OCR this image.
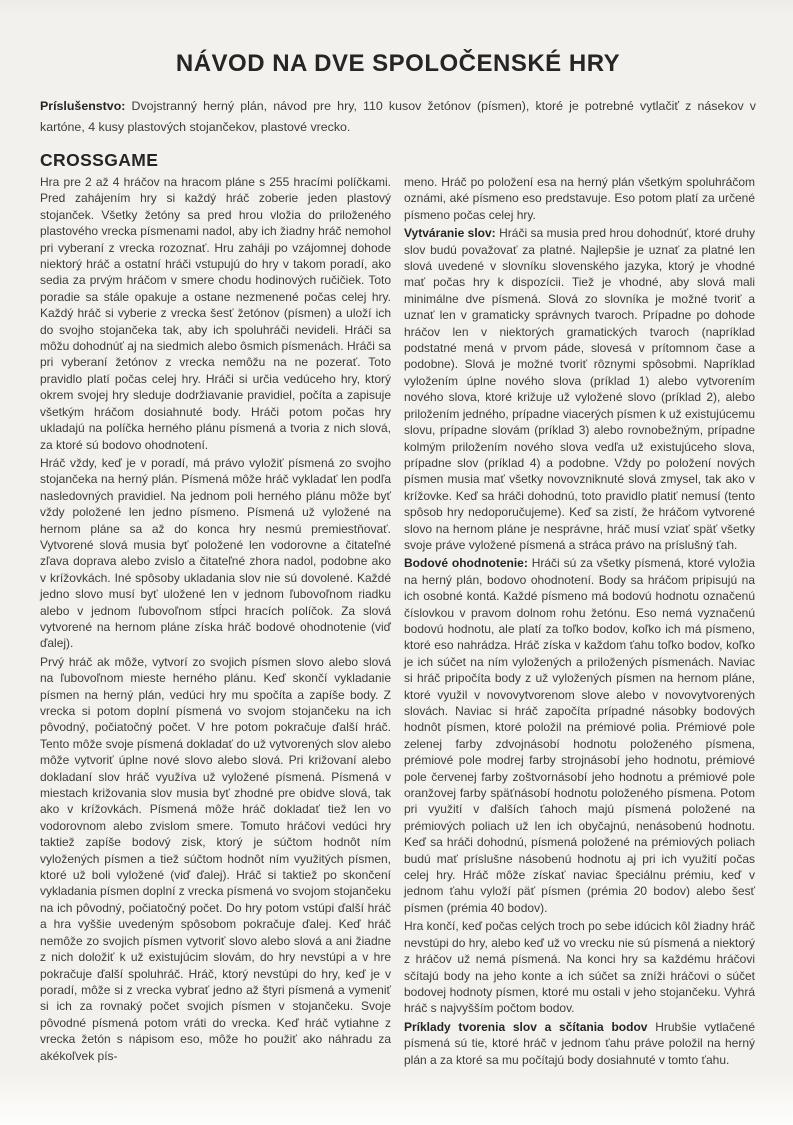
NÁVOD NA DVE SPOLOČENSKÉ HRY

Príslušenstvo: Dvojstranný herný plán, návod pre hry, 110 kusov žetónov (písmen), ktoré je potrebné vytlačiť z násekov v kartóne, 4 kusy plastových stojančekov, plastové vrecko.

CROSSGAME

Hra pre 2 až 4 hráčov na hracom pláne s 255 hracími políčkami. Pred zahájením hry si každý hráč zoberie jeden plastový stojanček. Všetky žetóny sa pred hrou vložia do priloženého plastového vrecka písmenami nadol, aby ich žiadny hráč nemohol pri vyberaní z vrecka rozoznať. Hru zaháji po vzájomnej dohode niektorý hráč a ostatní hráči vstupujú do hry v takom poradí, ako sedia za prvým hráčom v smere chodu hodinových ručičiek. Toto poradie sa stále opakuje a ostane nezmenené počas celej hry. Každý hráč si vyberie z vrecka šesť žetónov (písmen) a uloží ich do svojho stojančeka tak, aby ich spoluhráči nevideli. Hráči sa môžu dohodnúť aj na siedmich alebo ôsmich písmenách. Hráči sa pri vyberaní žetónov z vrecka nemôžu na ne pozerať. Toto pravidlo platí počas celej hry. Hráči si určia vedúceho hry, ktorý okrem svojej hry sleduje dodržiavanie pravidiel, počíta a zapisuje všetkým hráčom dosiahnuté body. Hráči potom počas hry ukladajú na políčka herného plánu písmená a tvoria z nich slová, za ktoré sú bodovo ohodnotení.

Hráč vždy, keď je v poradí, má právo vyložiť písmená zo svojho stojančeka na herný plán. Písmená môže hráč vykladať len podľa nasledovných pravidiel. Na jednom poli herného plánu môže byť vždy položené len jedno písmeno. Písmená už vyložené na hernom pláne sa až do konca hry nesmú premiestňovať. Vytvorené slová musia byť položené len vodorovne a čitateľné zľava doprava alebo zvislo a čitateľné zhora nadol, podobne ako v krížovkách. Iné spôsoby ukladania slov nie sú dovolené. Každé jedno slovo musí byť uložené len v jednom ľubovoľnom riadku alebo v jednom ľubovoľnom stĺpci hracích políčok. Za slová vytvorené na hernom pláne získa hráč bodové ohodnotenie (viď ďalej).

Prvý hráč ak môže, vytvorí zo svojich písmen slovo alebo slová na ľubovoľnom mieste herného plánu. Keď skončí vykladanie písmen na herný plán, vedúci hry mu spočíta a zapíše body. Z vrecka si potom doplní písmená vo svojom stojančeku na ich pôvodný, počiatočný počet. V hre potom pokračuje ďalší hráč. Tento môže svoje písmená dokladať do už vytvorených slov alebo môže vytvoriť úplne nové slovo alebo slová. Pri križovaní alebo dokladaní slov hráč využíva už vyložené písmená. Písmená v miestach križovania slov musia byť zhodné pre obidve slová, tak ako v krížovkách. Písmená môže hráč dokladať tiež len vo vodorovnom alebo zvislom smere. Tomuto hráčovi vedúci hry taktiež zapíše bodový zisk, ktorý je súčtom hodnôt ním vyložených písmen a tiež súčtom hodnôt ním využitých písmen, ktoré už boli vyložené (viď ďalej). Hráč si taktiež po skončení vykladania písmen doplní z vrecka písmená vo svojom stojančeku na ich pôvodný, počiatočný počet. Do hry potom vstúpi ďalší hráč a hra vyššie uvedeným spôsobom pokračuje ďalej. Keď hráč nemôže zo svojich písmen vytvoriť slovo alebo slová a ani žiadne z nich doložiť k už existujúcim slovám, do hry nevstúpi a v hre pokračuje ďalší spoluhráč. Hráč, ktorý nevstúpi do hry, keď je v poradí, môže si z vrecka vybrať jedno až štyri písmená a vymeniť si ich za rovnaký počet svojich písmen v stojančeku. Svoje pôvodné písmená potom vráti do vrecka. Keď hráč vytiahne z vrecka žetón s nápisom eso, môže ho použiť ako náhradu za akékoľvek pís-

meno. Hráč po položení esa na herný plán všetkým spoluhráčom oznámi, aké písmeno eso predstavuje. Eso potom platí za určené písmeno počas celej hry.

Vytváranie slov: Hráči sa musia pred hrou dohodnúť, ktoré druhy slov budú považovať za platné. Najlepšie je uznať za platné len slová uvedené v slovníku slovenského jazyka, ktorý je vhodné mať počas hry k dispozícii. Tiež je vhodné, aby slová mali minimálne dve písmená. Slová zo slovníka je možné tvoriť a uznať len v gramaticky správnych tvaroch. Prípadne po dohode hráčov len v niektorých gramatických tvaroch (napríklad podstatné mená v prvom páde, slovesá v prítomnom čase a podobne). Slová je možné tvoriť rôznymi spôsobmi. Napríklad vyložením úplne nového slova (príklad 1) alebo vytvorením nového slova, ktoré križuje už vyložené slovo (príklad 2), alebo priložením jedného, prípadne viacerých písmen k už existujúcemu slovu, prípadne slovám (príklad 3) alebo rovnobežným, prípadne kolmým priložením nového slova vedľa už existujúceho slova, prípadne slov (príklad 4) a podobne. Vždy po položení nových písmen musia mať všetky novovzniknuté slová zmysel, tak ako v krížovke. Keď sa hráči dohodnú, toto pravidlo platiť nemusí (tento spôsob hry nedoporučujeme). Keď sa zistí, že hráčom vytvorené slovo na hernom pláne je nesprávne, hráč musí vziať späť všetky svoje práve vyložené písmená a stráca právo na príslušný ťah.

Bodové ohodnotenie: Hráči sú za všetky písmená, ktoré vyložia na herný plán, bodovo ohodnotení. Body sa hráčom pripisujú na ich osobné kontá. Každé písmeno má bodovú hodnotu označenú číslovkou v pravom dolnom rohu žetónu. Eso nemá vyznačenú bodovú hodnotu, ale platí za toľko bodov, koľko ich má písmeno, ktoré eso nahrádza. Hráč získa v každom ťahu toľko bodov, koľko je ich súčet na ním vyložených a priložených písmenách. Naviac si hráč pripočíta body z už vyložených písmen na hernom pláne, ktoré využil v novovytvorenom slove alebo v novovytvorených slovách. Naviac si hráč započíta prípadné násobky bodových hodnôt písmen, ktoré položil na prémiové polia. Prémiové pole zelenej farby zdvojnásobí hodnotu položeného písmena, prémiové pole modrej farby strojnásobí jeho hodnotu, prémiové pole červenej farby zoštvornásobí jeho hodnotu a prémiové pole oranžovej farby späťnásobí hodnotu položeného písmena. Potom pri využití v ďalších ťahoch majú písmená položené na prémiových poliach už len ich obyčajnú, nenásobenú hodnotu. Keď sa hráči dohodnú, písmená položené na prémiových poliach budú mať príslušne násobenú hodnotu aj pri ich využití počas celej hry. Hráč môže získať naviac špeciálnu prémiu, keď v jednom ťahu vyloží päť písmen (prémia 20 bodov) alebo šesť písmen (prémia 40 bodov).

Hra končí, keď počas celých troch po sebe idúcich kôl žiadny hráč nevstúpi do hry, alebo keď už vo vrecku nie sú písmená a niektorý z hráčov už nemá písmená. Na konci hry sa každému hráčovi sčítajú body na jeho konte a ich súčet sa zníži hráčovi o súčet bodovej hodnoty písmen, ktoré mu ostali v jeho stojančeku. Vyhrá hráč s najvyšším počtom bodov.

Príklady tvorenia slov a sčítania bodov Hrubšie vytlačené písmená sú tie, ktoré hráč v jednom ťahu práve položil na herný plán a za ktoré sa mu počítajú body dosiahnuté v tomto ťahu.
